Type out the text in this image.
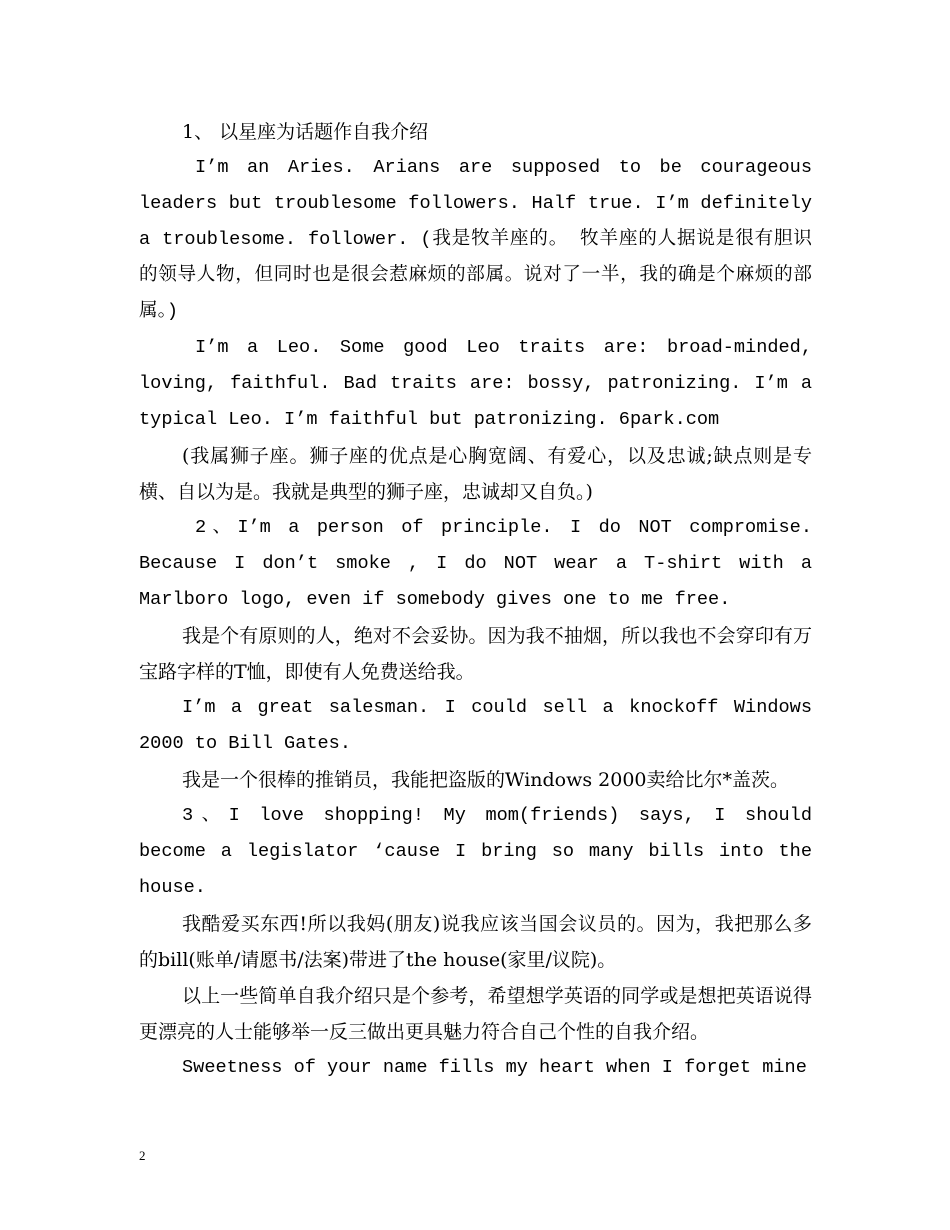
1、 以星座为话题作自我介绍

I’m an Aries. Arians are supposed to be courageous leaders but troublesome followers. Half true. I’m definitely a troublesome. follower. (我是牧羊座的。 牧羊座的人据说是很有胆识的领导人物，但同时也是很会惹麻烦的部属。说对了一半，我的确是个麻烦的部属。)

I’m a Leo. Some good Leo traits are: broad-minded, loving, faithful. Bad traits are: bossy, patronizing. I’m a typical Leo. I’m faithful but patronizing. 6park.com

(我属狮子座。狮子座的优点是心胸宽阔、有爱心，以及忠诚;缺点则是专横、自以为是。我就是典型的狮子座，忠诚却又自负。)

2、I’m a person of principle. I do NOT compromise. Because I don’t smoke , I do NOT wear a T-shirt with a Marlboro logo, even if somebody gives one to me free.

我是个有原则的人，绝对不会妥协。因为我不抽烟，所以我也不会穿印有万宝路字样的T恤，即使有人免费送给我。

I’m a great salesman. I could sell a knockoff Windows 2000 to Bill Gates.

我是一个很棒的推销员，我能把盗版的Windows 2000卖给比尔*盖茨。

3、I love shopping! My mom(friends) says, I should become a legislator ‘cause I bring so many bills into the house.

我酷爱买东西!所以我妈(朋友)说我应该当国会议员的。因为，我把那么多的bill(账单/请愿书/法案)带进了the house(家里/议院)。

以上一些简单自我介绍只是个参考，希望想学英语的同学或是想把英语说得更漂亮的人士能够举一反三做出更具魅力符合自己个性的自我介绍。

Sweetness of your name fills my heart when I forget mine

2
